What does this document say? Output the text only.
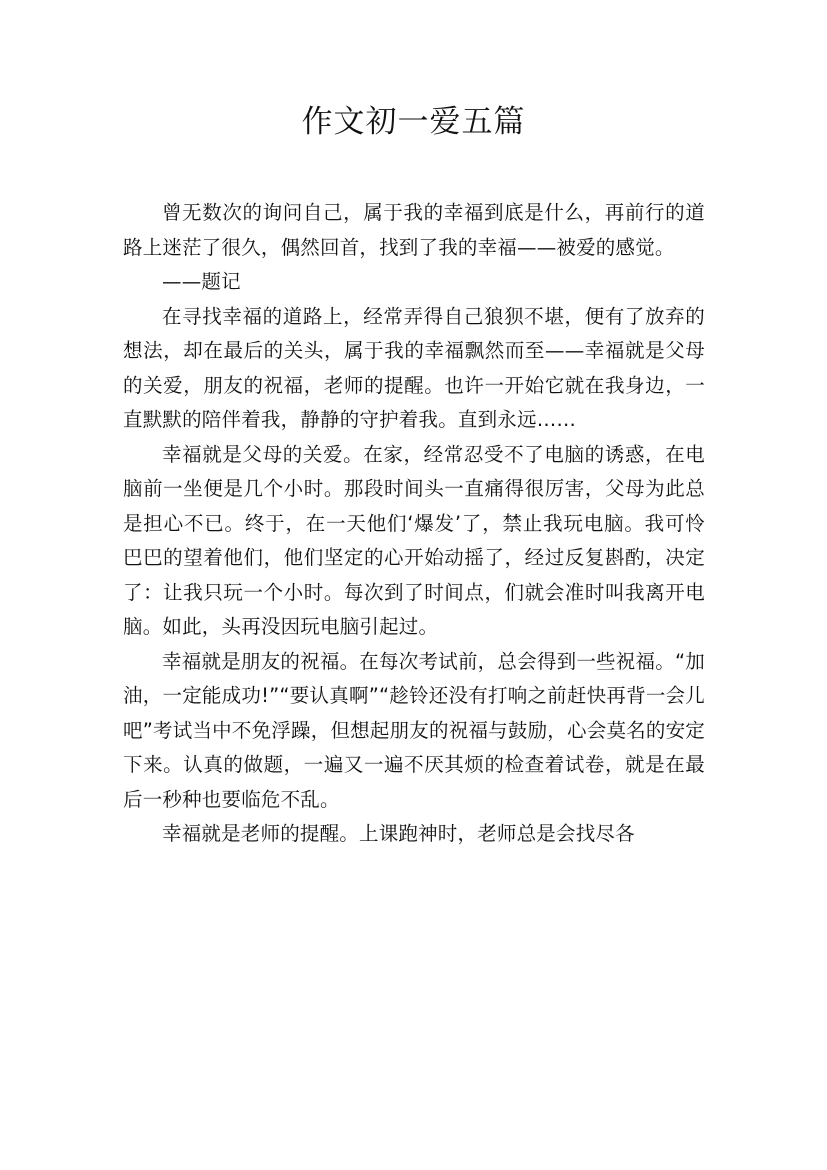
作文初一爱五篇

曾无数次的询问自己，属于我的幸福到底是什么，再前行的道路上迷茫了很久，偶然回首，找到了我的幸福——被爱的感觉。

——题记

在寻找幸福的道路上，经常弄得自己狼狈不堪，便有了放弃的想法，却在最后的关头，属于我的幸福飘然而至——幸福就是父母的关爱，朋友的祝福，老师的提醒。也许一开始它就在我身边，一直默默的陪伴着我，静静的守护着我。直到永远……

幸福就是父母的关爱。在家，经常忍受不了电脑的诱惑，在电脑前一坐便是几个小时。那段时间头一直痛得很厉害，父母为此总是担心不已。终于，在一天他们‘爆发’了，禁止我玩电脑。我可怜巴巴的望着他们，他们坚定的心开始动摇了，经过反复斟酌，决定了：让我只玩一个小时。每次到了时间点，们就会准时叫我离开电脑。如此，头再没因玩电脑引起过。

幸福就是朋友的祝福。在每次考试前，总会得到一些祝福。“加油，一定能成功!”“要认真啊”“趁铃还没有打响之前赶快再背一会儿吧”考试当中不免浮躁，但想起朋友的祝福与鼓励，心会莫名的安定下来。认真的做题，一遍又一遍不厌其烦的检查着试卷，就是在最后一秒种也要临危不乱。

幸福就是老师的提醒。上课跑神时，老师总是会找尽各
